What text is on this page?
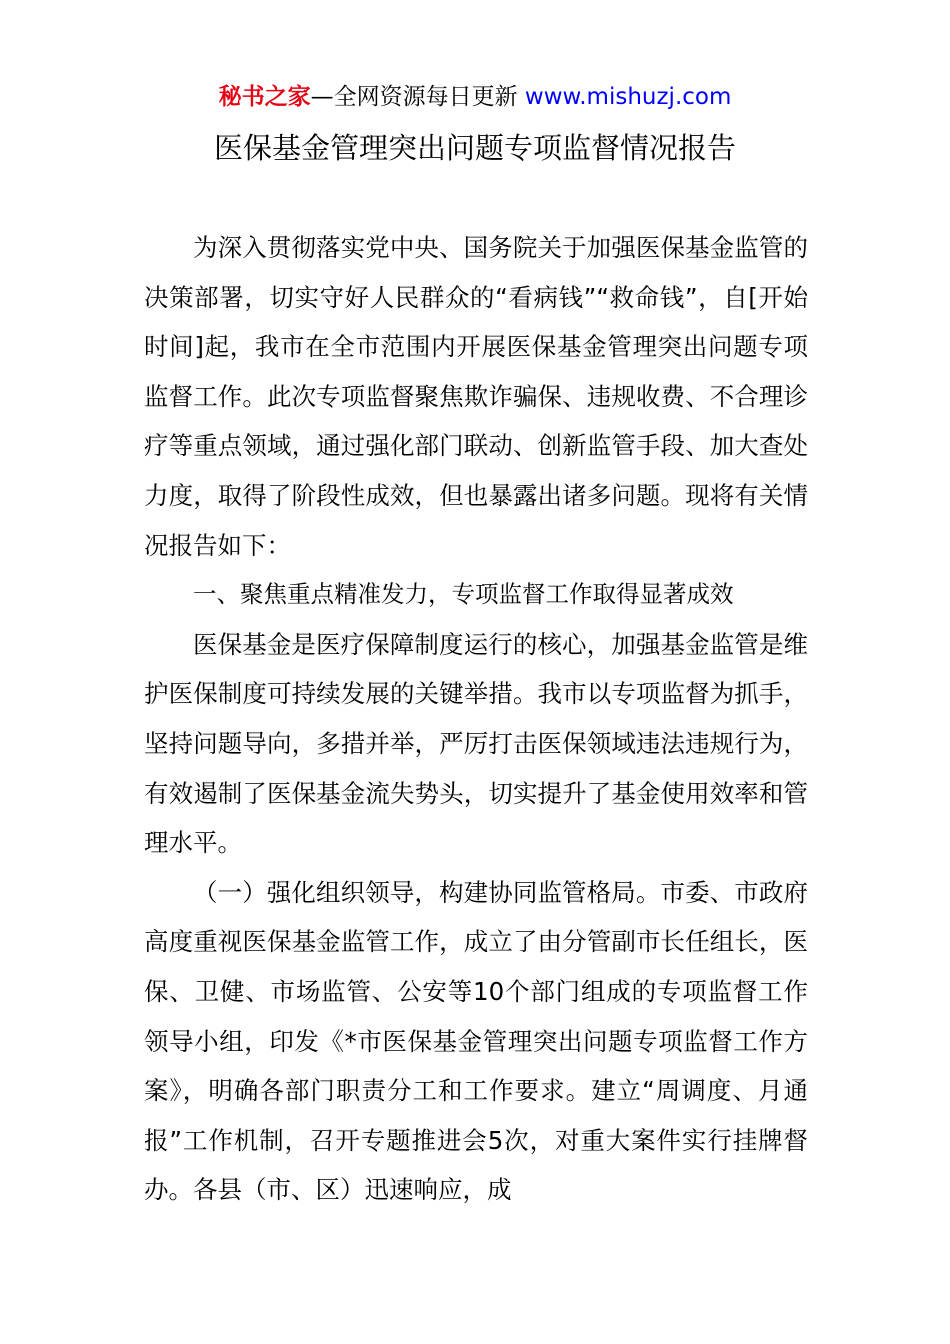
秘书之家—全网资源每日更新 www.mishuzj.com
医保基金管理突出问题专项监督情况报告

为深入贯彻落实党中央、国务院关于加强医保基金监管的决策部署，切实守好人民群众的“看病钱”“救命钱”，自[开始时间]起，我市在全市范围内开展医保基金管理突出问题专项监督工作。此次专项监督聚焦欺诈骗保、违规收费、不合理诊疗等重点领域，通过强化部门联动、创新监管手段、加大查处力度，取得了阶段性成效，但也暴露出诸多问题。现将有关情况报告如下：

一、聚焦重点精准发力，专项监督工作取得显著成效

医保基金是医疗保障制度运行的核心，加强基金监管是维护医保制度可持续发展的关键举措。我市以专项监督为抓手，坚持问题导向，多措并举，严厉打击医保领域违法违规行为，有效遏制了医保基金流失势头，切实提升了基金使用效率和管理水平。

（一）强化组织领导，构建协同监管格局。市委、市政府高度重视医保基金监管工作，成立了由分管副市长任组长，医保、卫健、市场监管、公安等10个部门组成的专项监督工作领导小组，印发《*市医保基金管理突出问题专项监督工作方案》，明确各部门职责分工和工作要求。建立“周调度、月通报”工作机制，召开专题推进会5次，对重大案件实行挂牌督办。各县（市、区）迅速响应，成
